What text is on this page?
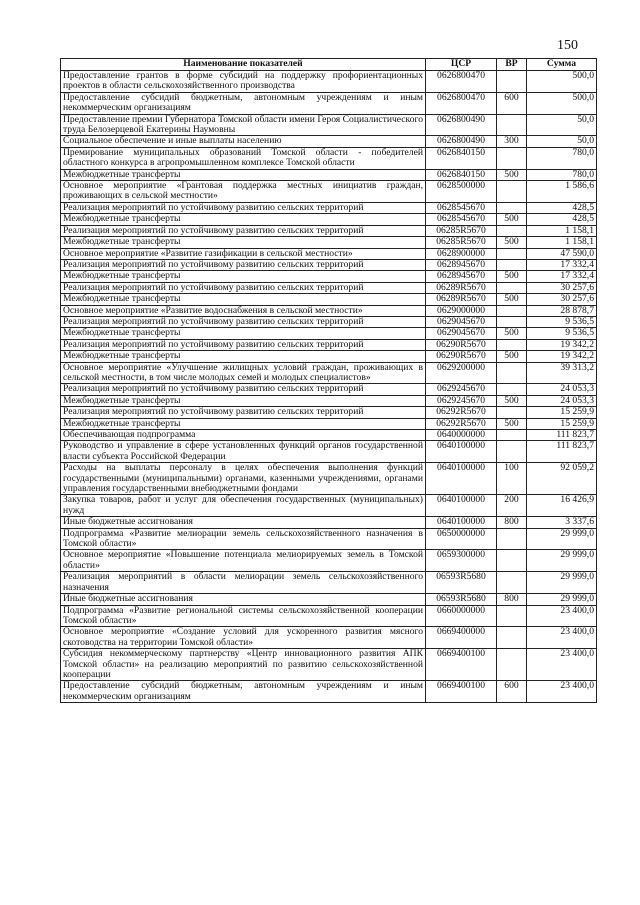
150
Наименование показателей	ЦСР	ВР	Сумма
Предоставление грантов в форме субсидий на поддержку профориентационных проектов в области сельскохозяйственного производства	0626800470		500,0
Предоставление субсидий бюджетным, автономным учреждениям и иным некоммерческим организациям	0626800470	600	500,0
Предоставление премии Губернатора Томской области имени Героя Социалистического труда Белозерцевой Екатерины Наумовны	0626800490		50,0
Социальное обеспечение и иные выплаты населению	0626800490	300	50,0
Премирование муниципальных образований Томской области - победителей областного конкурса в агропромышленном комплексе Томской области	0626840150		780,0
Межбюджетные трансферты	0626840150	500	780,0
Основное мероприятие «Грантовая поддержка местных инициатив граждан, проживающих в сельской местности»	0628500000		1 586,6
Реализация мероприятий по устойчивому развитию сельских территорий	0628545670		428,5
Межбюджетные трансферты	0628545670	500	428,5
Реализация мероприятий по устойчивому развитию сельских территорий	06285R5670		1 158,1
Межбюджетные трансферты	06285R5670	500	1 158,1
Основное мероприятие «Развитие газификации в сельской местности»	0628900000		47 590,0
Реализация мероприятий по устойчивому развитию сельских территорий	0628945670		17 332,4
Межбюджетные трансферты	0628945670	500	17 332,4
Реализация мероприятий по устойчивому развитию сельских территорий	06289R5670		30 257,6
Межбюджетные трансферты	06289R5670	500	30 257,6
Основное мероприятие «Развитие водоснабжения в сельской местности»	0629000000		28 878,7
Реализация мероприятий по устойчивому развитию сельских территорий	0629045670		9 536,5
Межбюджетные трансферты	0629045670	500	9 536,5
Реализация мероприятий по устойчивому развитию сельских территорий	06290R5670		19 342,2
Межбюджетные трансферты	06290R5670	500	19 342,2
Основное мероприятие «Улучшение жилищных условий граждан, проживающих в сельской местности, в том числе молодых семей и молодых специалистов»	0629200000		39 313,2
Реализация мероприятий по устойчивому развитию сельских территорий	0629245670		24 053,3
Межбюджетные трансферты	0629245670	500	24 053,3
Реализация мероприятий по устойчивому развитию сельских территорий	06292R5670		15 259,9
Межбюджетные трансферты	06292R5670	500	15 259,9
Обеспечивающая подпрограмма	0640000000		111 823,7
Руководство и управление в сфере установленных функций органов государственной власти субъекта Российской Федерации	0640100000		111 823,7
Расходы на выплаты персоналу в целях обеспечения выполнения функций государственными (муниципальными) органами, казенными учреждениями, органами управления государственными внебюджетными фондами	0640100000	100	92 059,2
Закупка товаров, работ и услуг для обеспечения государственных (муниципальных) нужд	0640100000	200	16 426,9
Иные бюджетные ассигнования	0640100000	800	3 337,6
Подпрограмма «Развитие мелиорации земель сельскохозяйственного назначения в Томской области»	0650000000		29 999,0
Основное мероприятие «Повышение потенциала мелиорируемых земель в Томской области»	0659300000		29 999,0
Реализация мероприятий в области мелиорации земель сельскохозяйственного назначения	06593R5680		29 999,0
Иные бюджетные ассигнования	06593R5680	800	29 999,0
Подпрограмма «Развитие региональной системы сельскохозяйственной кооперации Томской области»	0660000000		23 400,0
Основное мероприятие «Создание условий для ускоренного развития мясного скотоводства на территории Томской области»	0669400000		23 400,0
Субсидия некоммерческому партнерству «Центр инновационного развития АПК Томской области» на реализацию мероприятий по развитию сельскохозяйственной кооперации	0669400100		23 400,0
Предоставление субсидий бюджетным, автономным учреждениям и иным некоммерческим организациям	0669400100	600	23 400,0
